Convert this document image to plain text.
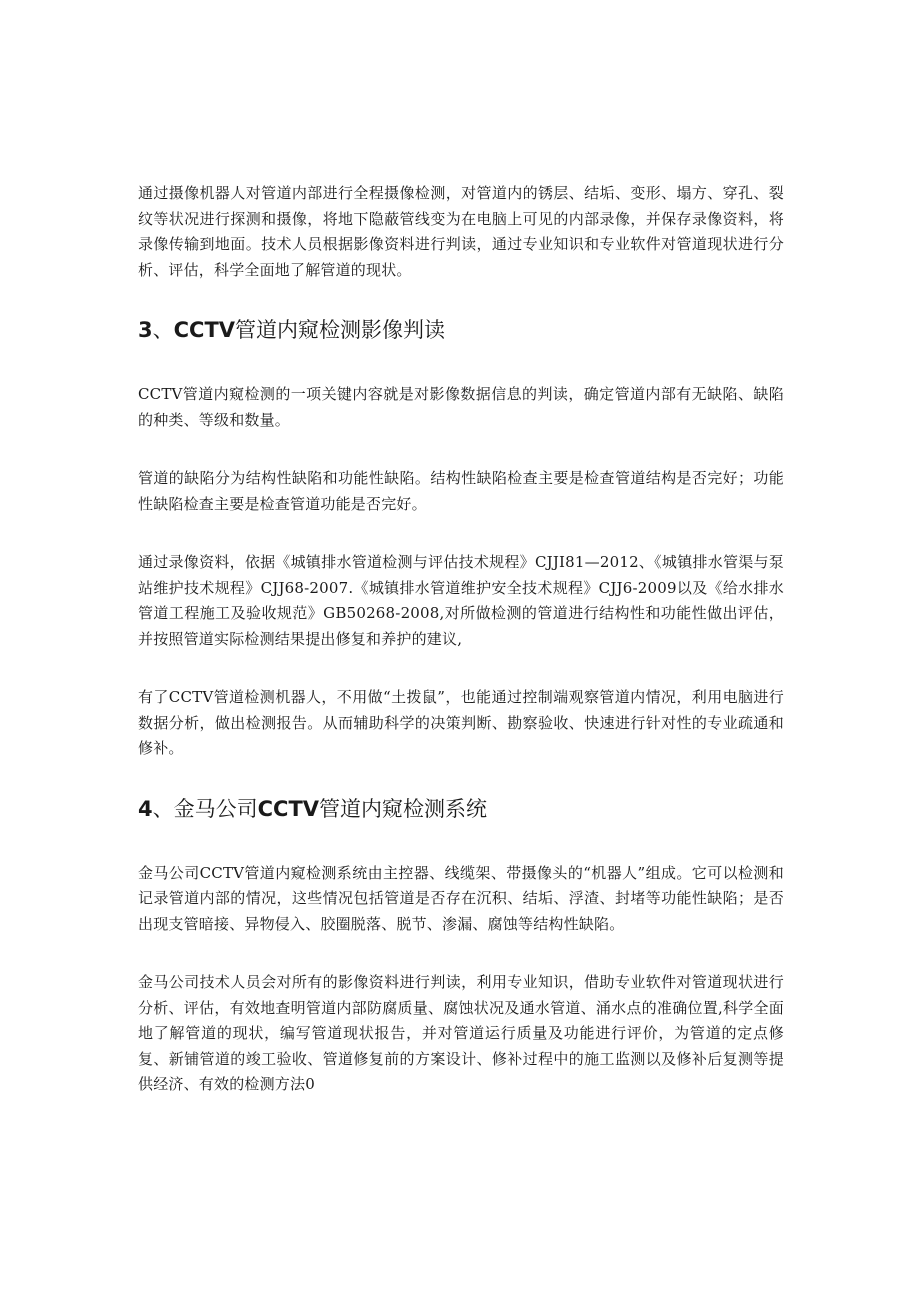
通过摄像机器人对管道内部进行全程摄像检测，对管道内的锈层、结垢、变形、塌方、穿孔、裂纹等状况进行探测和摄像，将地下隐蔽管线变为在电脑上可见的内部录像，并保存录像资料，将录像传输到地面。技术人员根据影像资料进行判读，通过专业知识和专业软件对管道现状进行分析、评估，科学全面地了解管道的现状。

3、CCTV管道内窥检测影像判读

CCTV管道内窥检测的一项关键内容就是对影像数据信息的判读，确定管道内部有无缺陷、缺陷的种类、等级和数量。

管道的缺陷分为结构性缺陷和功能性缺陷。结构性缺陷检查主要是检查管道结构是否完好；功能性缺陷检查主要是检查管道功能是否完好。

通过录像资料，依据《城镇排水管道检测与评估技术规程》CJJI81—2012、《城镇排水管渠与泵站维护技术规程》CJJ68-2007.《城镇排水管道维护安全技术规程》CJJ6-2009以及《给水排水管道工程施工及验收规范》GB50268-2008,对所做检测的管道进行结构性和功能性做出评估，并按照管道实际检测结果提出修复和养护的建议,

有了CCTV管道检测机器人，不用做“土拨鼠”，也能通过控制端观察管道内情况，利用电脑进行数据分析，做出检测报告。从而辅助科学的决策判断、勘察验收、快速进行针对性的专业疏通和修补。

4、金马公司CCTV管道内窥检测系统

金马公司CCTV管道内窥检测系统由主控器、线缆架、带摄像头的“机器人”组成。它可以检测和记录管道内部的情况，这些情况包括管道是否存在沉积、结垢、浮渣、封堵等功能性缺陷；是否出现支管暗接、异物侵入、胶圈脱落、脱节、渗漏、腐蚀等结构性缺陷。

金马公司技术人员会对所有的影像资料进行判读，利用专业知识，借助专业软件对管道现状进行分析、评估，有效地查明管道内部防腐质量、腐蚀状况及通水管道、涌水点的准确位置,科学全面地了解管道的现状，编写管道现状报告，并对管道运行质量及功能进行评价，为管道的定点修复、新铺管道的竣工验收、管道修复前的方案设计、修补过程中的施工监测以及修补后复测等提供经济、有效的检测方法0
